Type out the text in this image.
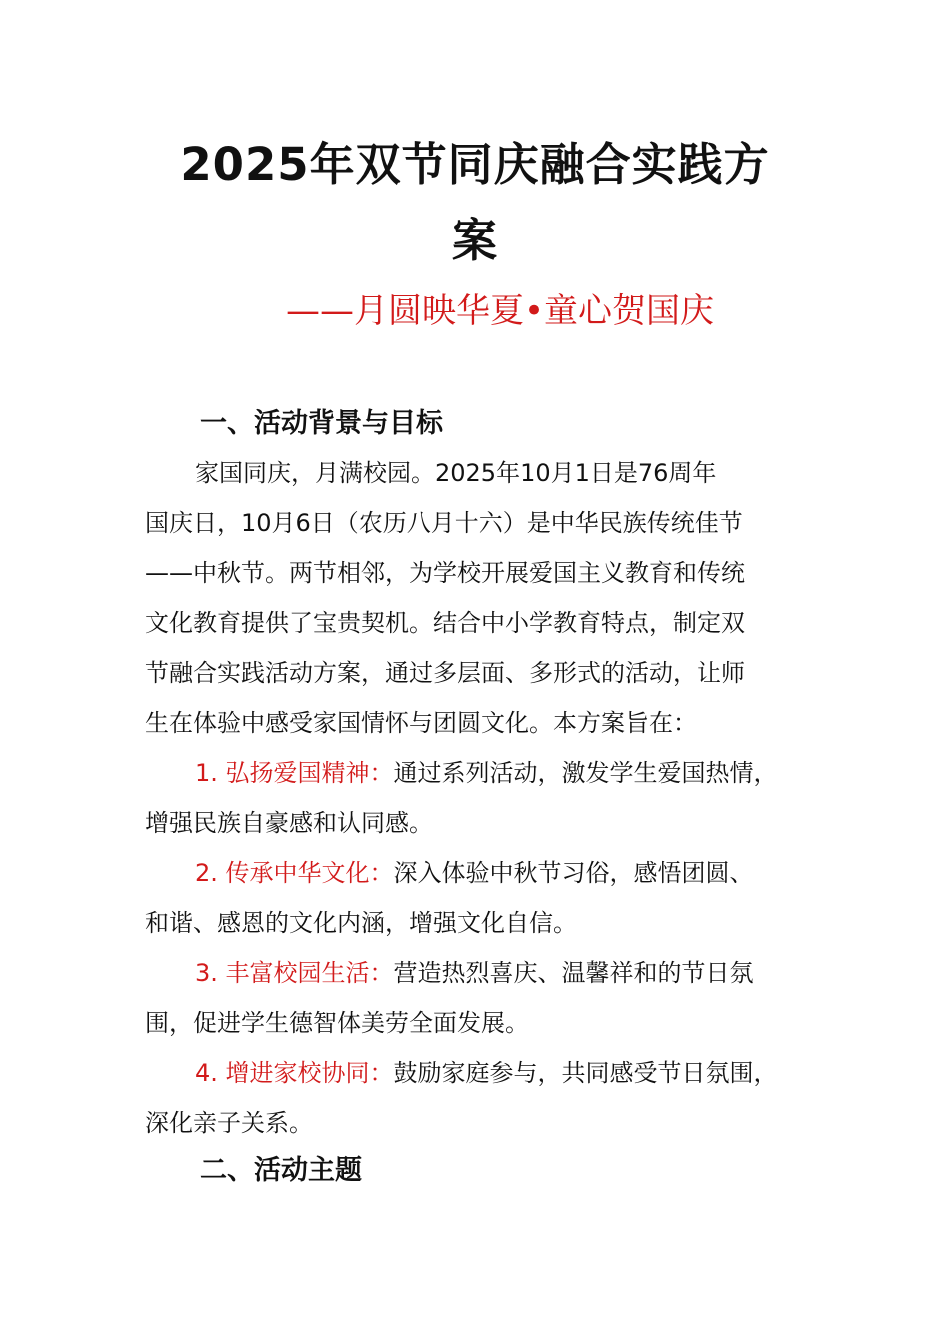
2025年双节同庆融合实践方
案

——月圆映华夏•童心贺国庆

一、活动背景与目标

家国同庆，月满校园。2025年10月1日是76周年

国庆日，10月6日（农历八月十六）是中华民族传统佳节

——中秋节。两节相邻，为学校开展爱国主义教育和传统

文化教育提供了宝贵契机。结合中小学教育特点，制定双

节融合实践活动方案，通过多层面、多形式的活动，让师

生在体验中感受家国情怀与团圆文化。本方案旨在：

1. 弘扬爱国精神：通过系列活动，激发学生爱国热情，

增强民族自豪感和认同感。

2. 传承中华文化：深入体验中秋节习俗，感悟团圆、

和谐、感恩的文化内涵，增强文化自信。

3. 丰富校园生活：营造热烈喜庆、温馨祥和的节日氛

围，促进学生德智体美劳全面发展。

4. 增进家校协同：鼓励家庭参与，共同感受节日氛围，

深化亲子关系。

二、活动主题
